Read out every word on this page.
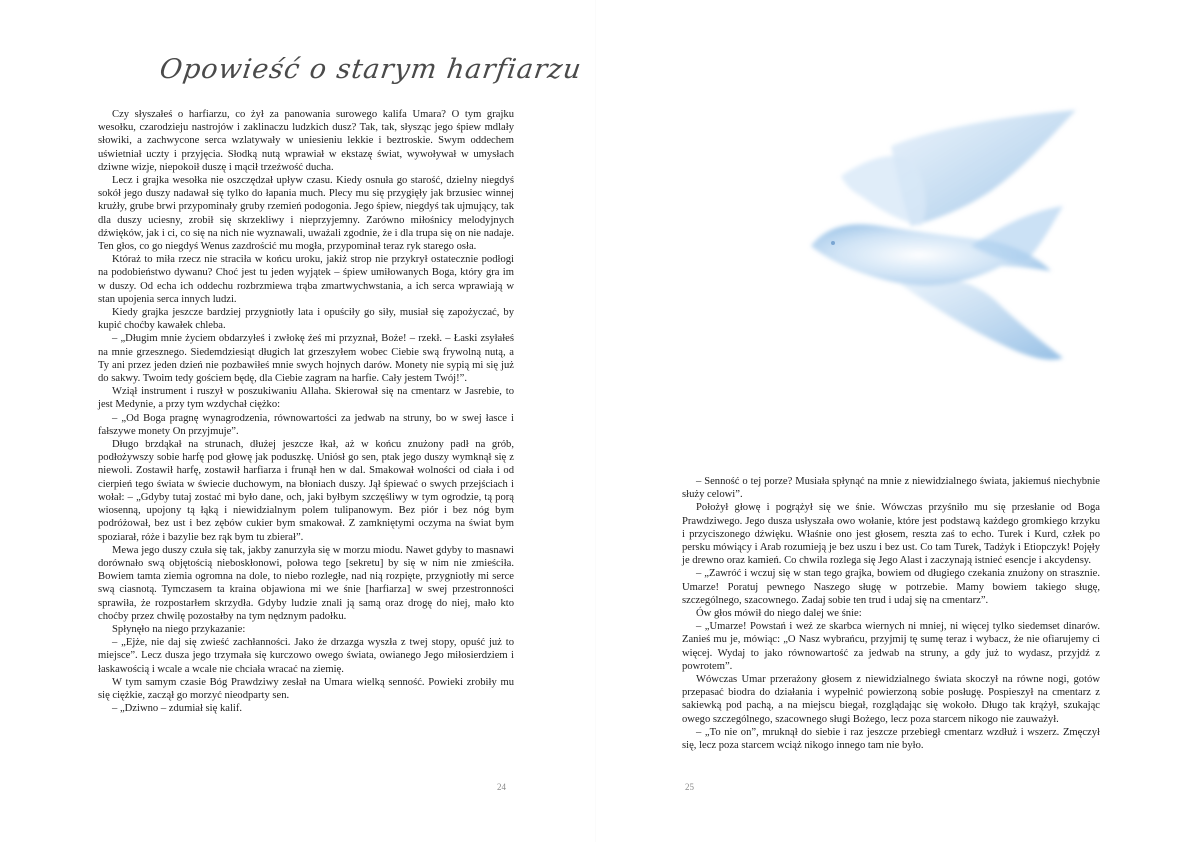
Opowieść o starym harfiarzu

Czy słyszałeś o harfiarzu, co żył za panowania surowego kalifa Umara? O tym grajku wesołku, czarodzieju nastrojów i zaklinaczu ludzkich dusz? Tak, tak, słysząc jego śpiew mdlały słowiki, a zachwycone serca wzlatywały w uniesieniu lekkie i beztroskie. Swym oddechem uświetniał uczty i przyjęcia. Słodką nutą wprawiał w ekstazę świat, wywoływał w umysłach dziwne wizje, niepokoił duszę i mącił trzeźwość ducha.

Lecz i grajka wesołka nie oszczędzał upływ czasu. Kiedy osnuła go starość, dzielny niegdyś sokół jego duszy nadawał się tylko do łapania much. Plecy mu się przygięły jak brzusiec winnej krużły, grube brwi przypominały gruby rzemień podogonia. Jego śpiew, niegdyś tak ujmujący, tak dla duszy uciesny, zrobił się skrzekliwy i nieprzyjemny. Zarówno miłośnicy melodyjnych dźwięków, jak i ci, co się na nich nie wyznawali, uważali zgodnie, że i dla trupa się on nie nadaje. Ten głos, co go niegdyś Wenus zazdrościć mu mogła, przypominał teraz ryk starego osła.

Któraż to miła rzecz nie straciła w końcu uroku, jakiż strop nie przykrył ostatecznie podłogi na podobieństwo dywanu? Choć jest tu jeden wyjątek – śpiew umiłowanych Boga, który gra im w duszy. Od echa ich oddechu rozbrzmiewa trąba zmartwychwstania, a ich serca wprawiają w stan upojenia serca innych ludzi.

Kiedy grajka jeszcze bardziej przygniotły lata i opuściły go siły, musiał się zapożyczać, by kupić choćby kawałek chleba.

– „Długim mnie życiem obdarzyłeś i zwłokę źeś mi przyznał, Boże! – rzekł. – Łaski zsyłałeś na mnie grzesznego. Siedemdziesiąt długich lat grzeszyłem wobec Ciebie swą frywolną nutą, a Ty ani przez jeden dzień nie pozbawiłeś mnie swych hojnych darów. Monety nie sypią mi się już do sakwy. Twoim tedy gościem będę, dla Ciebie zagram na harfie. Cały jestem Twój!”.

Wziął instrument i ruszył w poszukiwaniu Allaha. Skierował się na cmentarz w Jasrebie, to jest Medynie, a przy tym wzdychał ciężko:

– „Od Boga pragnę wynagrodzenia, równowartości za jedwab na struny, bo w swej łasce i fałszywe monety On przyjmuje”.

Długo brzdąkał na strunach, dłużej jeszcze łkał, aż w końcu znużony padł na grób, podłożywszy sobie harfę pod głowę jak poduszkę. Uniósł go sen, ptak jego duszy wymknął się z niewoli. Zostawił harfę, zostawił harfiarza i frunął hen w dal. Smakował wolności od ciała i od cierpień tego świata w świecie duchowym, na błoniach duszy. Jął śpiewać o swych przejściach i wołał: – „Gdyby tutaj zostać mi było dane, och, jaki byłbym szczęśliwy w tym ogrodzie, tą porą wiosenną, upojony tą łąką i niewidzialnym polem tulipanowym. Bez piór i bez nóg bym podróżował, bez ust i bez zębów cukier bym smakował. Z zamkniętymi oczyma na świat bym spoziarał, róże i bazylie bez rąk bym tu zbierał”.

Mewa jego duszy czuła się tak, jakby zanurzyła się w morzu miodu. Nawet gdyby to masnawi dorównało swą objętością nieboskłonowi, połowa tego [sekretu] by się w nim nie zmieściła. Bowiem tamta ziemia ogromna na dole, to niebo rozległe, nad nią rozpięte, przygniotły mi serce swą ciasnotą. Tymczasem ta kraina objawiona mi we śnie [harfiarza] w swej przestronności sprawiła, że rozpostarłem skrzydła. Gdyby ludzie znali ją samą oraz drogę do niej, mało kto choćby przez chwilę pozostałby na tym nędznym padołku.

Spłynęło na niego przykazanie:

– „Ejże, nie daj się zwieść zachłanności. Jako że drzazga wyszła z twej stopy, opuść już to miejsce”. Lecz dusza jego trzymała się kurczowo owego świata, owianego Jego miłosierdziem i łaskawością i wcale a wcale nie chciała wracać na ziemię.

W tym samym czasie Bóg Prawdziwy zesłał na Umara wielką senność. Powieki zrobiły mu się ciężkie, zaczął go morzyć nieodparty sen.

– „Dziwno – zdumiał się kalif.

24

– Senność o tej porze? Musiała spłynąć na mnie z niewidzialnego świata, jakiemuś niechybnie służy celowi”.

Położył głowę i pogrążył się we śnie. Wówczas przyśniło mu się przesłanie od Boga Prawdziwego. Jego dusza usłyszała owo wołanie, które jest podstawą każdego gromkiego krzyku i przyciszonego dźwięku. Właśnie ono jest głosem, reszta zaś to echo. Turek i Kurd, człek po persku mówiący i Arab rozumieją je bez uszu i bez ust. Co tam Turek, Tadżyk i Etiopczyk! Pojęły je drewno oraz kamień. Co chwila rozlega się Jego Alast i zaczynają istnieć esencje i akcydensy.

– „Zawróć i wczuj się w stan tego grajka, bowiem od długiego czekania znużony on strasznie. Umarze! Poratuj pewnego Naszego sługę w potrzebie. Mamy bowiem takiego sługę, szczególnego, szacownego. Zadaj sobie ten trud i udaj się na cmentarz”.

Ów głos mówił do niego dalej we śnie:

– „Umarze! Powstań i weź ze skarbca wiernych ni mniej, ni więcej tylko siedemset dinarów. Zanieś mu je, mówiąc: „O Nasz wybrańcu, przyjmij tę sumę teraz i wybacz, że nie ofiarujemy ci więcej. Wydaj to jako równowartość za jedwab na struny, a gdy już to wydasz, przyjdź z powrotem”.

Wówczas Umar przerażony głosem z niewidzialnego świata skoczył na równe nogi, gotów przepasać biodra do działania i wypełnić powierzoną sobie posługę. Pospieszył na cmentarz z sakiewką pod pachą, a na miejscu biegał, rozglądając się wokoło. Długo tak krążył, szukając owego szczególnego, szacownego sługi Bożego, lecz poza starcem nikogo nie zauważył.

– „To nie on”, mruknął do siebie i raz jeszcze przebiegł cmentarz wzdłuż i wszerz. Zmęczył się, lecz poza starcem wciąż nikogo innego tam nie było.

25
